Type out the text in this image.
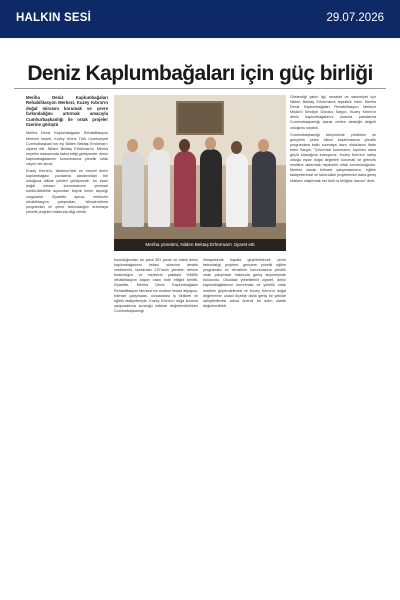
HALKIN SESİ	29.07.2026
Deniz Kaplumbağaları için güç birliği

Meriha Deniz Kaplumbağaları Rehabilitasyon Merkezi, Kuzey Kıbrıs'ın doğal mirasını korumak ve çevre farkındalığını artırmak amacıyla Cumhurbaşkanlığı ile ortak projeler üzerine görüştü

Meriha Deniz Kaplumbağaları Rehabilitasyon Merkezi heyeti, Kuzey Kıbrıs Türk Cumhuriyeti Cumhurbaşkanı'nın eşi Nilden Bektaş Erhürman'ı ziyaret etti. Nilden Bektaş Erhürman'ın Meriha heyetini makamında kabul ettiği görüşmede, deniz kaplumbağalarının korunmasına yönelik ortak vizyon ele alındı.

Kuzey Kıbrıs'ın, Akdeniz'deki en önemli deniz kaplumbağası yuvalama alanlarından biri olduğuna dikkat çekilen görüşmede, bu eşsiz doğal mirasın korunmasının çevresel sürdürülebilirlik açısından büyük önem taşıdığı vurgulandı. Ziyarette ayrıca, merkezin rehabilitasyon çalışmaları, bilinçlendirme programları ve çevre farkındalığını artırmaya yönelik projeleri hakkında bilgi verildi.

Meriha yönetimi, Nilden Bektaş Erhürman'ı ziyaret etti

kurulduğundan bu yana 351 yaralı ve hasta deniz kaplumbağasının tedavi sürecine destek verdiklerini, bunlardan 237'sinin yeniden denize bırakıldığını ve merkezin yaklaşık %68'lik rehabilitasyon başarı oranı elde ettiğini belirtti. Ziyarette, Meriha Deniz Kaplumbağaları Rehabilitasyon Merkezi'nin modern tedavi altyapısı, bilimsel çalışmaları, uluslararası iş birlikleri ve eğitim faaliyetleriyle, Kuzey Kıbrıs'ın doğa koruma çalışmalarına sunduğu katkılar değerlendirilirken Cumhurbaşkanlığı

himayesinde hayata geçirilebilecek çevre farkındalığı projeleri, gençlere yönelik eğitim programları ve denizlerin korunmasına yönelik ortak çalışmalar hakkında görüş alışverişinde bulunuldu. Okuldaki yönetilebilir ziyaret, deniz kaplumbağalarının korunması ve yönelik ortak modelin güçlendirilmesi ve Kuzey Kıbrıs'ın doğal değerlerinin ulusal ölçekte daha geniş bir şekilde sahiplenilmesi adına önemli bir adım olarak değerlendirildi.

Gösterdiği yakın ilgi, nezaket ve samimiyet için Nilden Bektaş Erhürman'a teşekkür eden Meriha Deniz Kaplumbağaları Rehabilitasyon Merkezi Müdürü Sevdiye Gündüz Sargın, Kuzey Kıbrıs'ın deniz kaplumbağalarını koruma çabalarına Cumhurbaşkanlığı olarak verilen desteğin değerli olduğunu söyledi.

Cumhurbaşkanlığı bünyesinde yürütülen ve gençlerin çevre bilinci kazanmasına yönelik programlara katkı sunmaya hazır olduklarını ifade eden Sargın, "Çevremizi korumanın, toplumu daha güçlü kılacağına inanıyoruz. Kuzey Kıbrıs'ın sahip olduğu eşsiz doğal değerleri korumak ve gelecek nesillere aktarmak hepimizin ortak sorumluluğudur. Merkez olarak bilimsel çalışmalarımızı, eğitim faaliyetlerimizi ve farkındalık projelerimizi daha geniş kitlelere ulaştırmak her türlü iş birliğine hazırız" dedi.
